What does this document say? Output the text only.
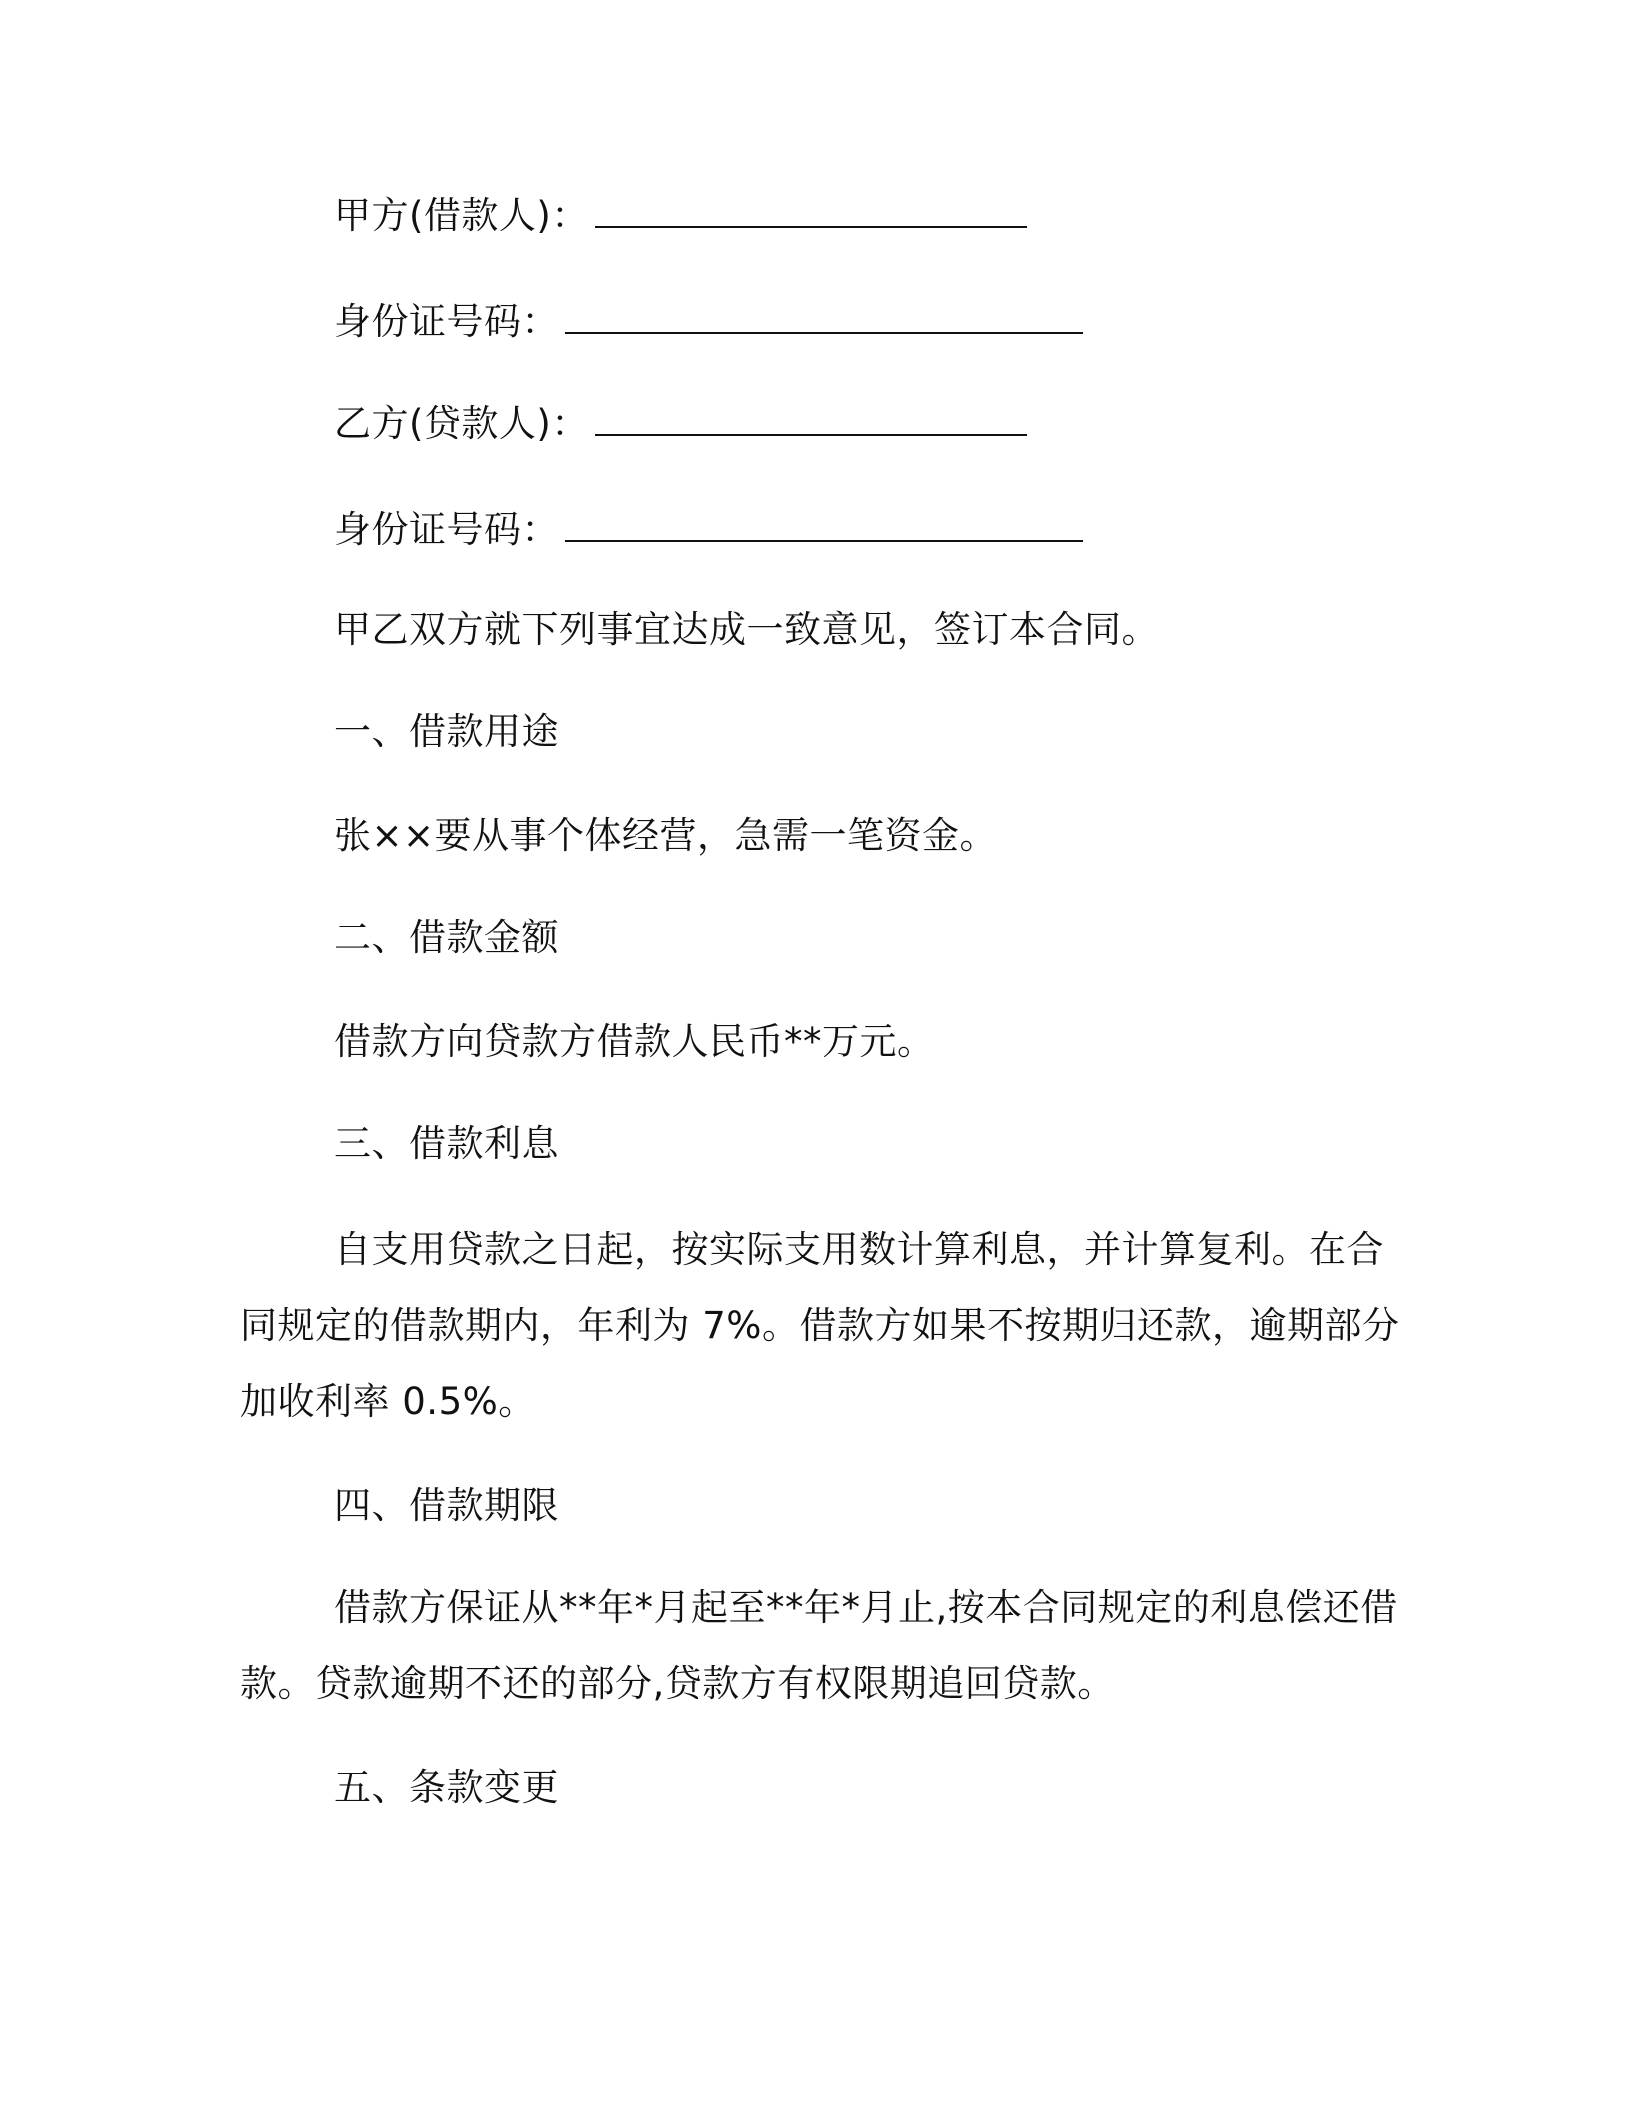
甲方(借款人)：
身份证号码：
乙方(贷款人)：
身份证号码：
甲乙双方就下列事宜达成一致意见，签订本合同。
一、借款用途
张××要从事个体经营，急需一笔资金。
二、借款金额
借款方向贷款方借款人民币**万元。
三、借款利息
自支用贷款之日起，按实际支用数计算利息，并计算复利。在合
同规定的借款期内，年利为 7%。借款方如果不按期归还款，逾期部分
加收利率 0.5%。
四、借款期限
借款方保证从**年*月起至**年*月止,按本合同规定的利息偿还借
款。贷款逾期不还的部分,贷款方有权限期追回贷款。
五、条款变更
